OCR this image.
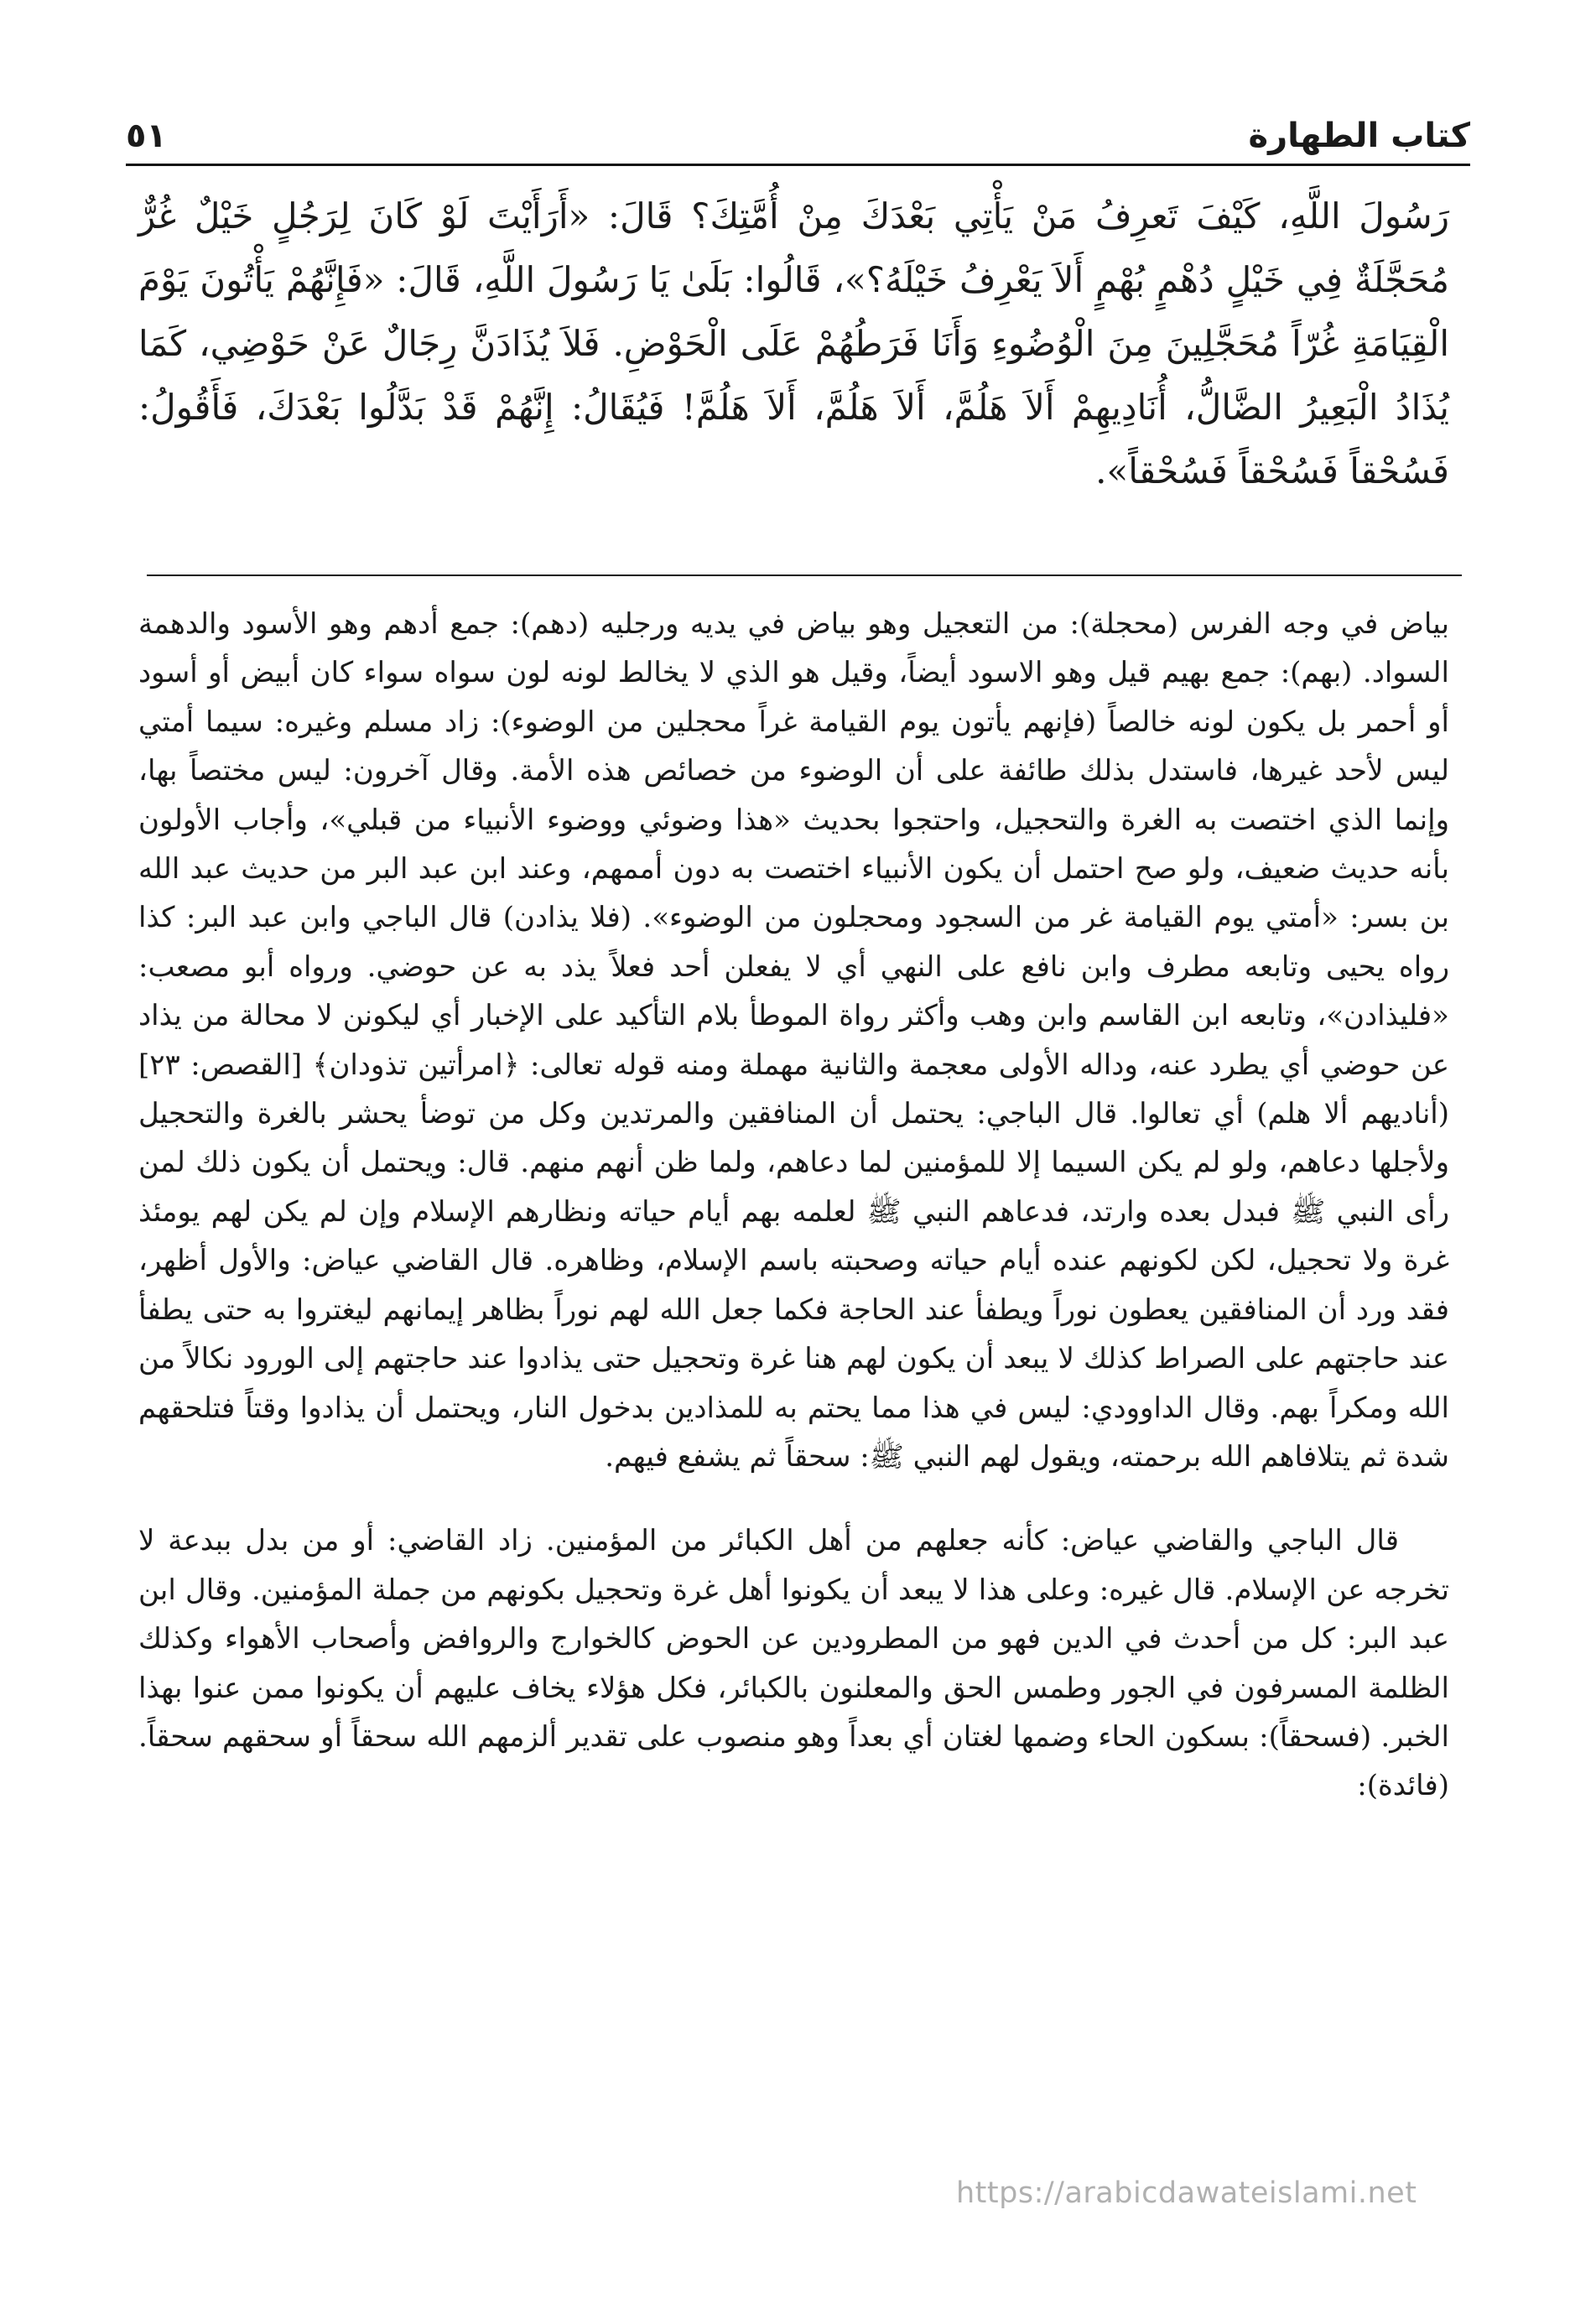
كتاب الطهارة
٥١

رَسُولَ اللَّهِ، كَيْفَ تَعرِفُ مَنْ يَأْتِي بَعْدَكَ مِنْ أُمَّتِكَ؟ قَالَ: «أَرَأَيْتَ لَوْ كَانَ لِرَجُلٍ خَيْلٌ غُرٌّ مُحَجَّلَةٌ فِي خَيْلٍ دُهْمٍ بُهْمٍ أَلاَ يَعْرِفُ خَيْلَهُ؟»، قَالُوا: بَلَىٰ يَا رَسُولَ اللَّهِ، قَالَ: «فَإِنَّهُمْ يَأْتُونَ يَوْمَ الْقِيَامَةِ غُرّاً مُحَجَّلِينَ مِنَ الْوُضُوءِ وَأَنَا فَرَطُهُمْ عَلَى الْحَوْضِ. فَلاَ يُذَادَنَّ رِجَالٌ عَنْ حَوْضِي، كَمَا يُذَادُ الْبَعِيرُ الضَّالُّ، أُنَادِيهِمْ أَلاَ هَلُمَّ، أَلاَ هَلُمَّ، أَلاَ هَلُمَّ! فَيُقَالُ: إِنَّهُمْ قَدْ بَدَّلُوا بَعْدَكَ، فَأَقُولُ: فَسُحْقاً فَسُحْقاً فَسُحْقاً».

بياض في وجه الفرس (محجلة): من التعجيل وهو بياض في يديه ورجليه (دهم): جمع أدهم وهو الأسود والدهمة السواد. (بهم): جمع بهيم قيل وهو الاسود أيضاً، وقيل هو الذي لا يخالط لونه لون سواه سواء كان أبيض أو أسود أو أحمر بل يكون لونه خالصاً (فإنهم يأتون يوم القيامة غراً محجلين من الوضوء): زاد مسلم وغيره: سيما أمتي ليس لأحد غيرها، فاستدل بذلك طائفة على أن الوضوء من خصائص هذه الأمة. وقال آخرون: ليس مختصاً بها، وإنما الذي اختصت به الغرة والتحجيل، واحتجوا بحديث «هذا وضوئي ووضوء الأنبياء من قبلي»، وأجاب الأولون بأنه حديث ضعيف، ولو صح احتمل أن يكون الأنبياء اختصت به دون أممهم، وعند ابن عبد البر من حديث عبد الله بن بسر: «أمتي يوم القيامة غر من السجود ومحجلون من الوضوء». (فلا يذادن) قال الباجي وابن عبد البر: كذا رواه يحيى وتابعه مطرف وابن نافع على النهي أي لا يفعلن أحد فعلاً يذد به عن حوضي. ورواه أبو مصعب: «فليذادن»، وتابعه ابن القاسم وابن وهب وأكثر رواة الموطأ بلام التأكيد على الإخبار أي ليكونن لا محالة من يذاد عن حوضي أي يطرد عنه، وداله الأولى معجمة والثانية مهملة ومنه قوله تعالى: ﴿امرأتين تذودان﴾ [القصص: ٢٣] (أناديهم ألا هلم) أي تعالوا. قال الباجي: يحتمل أن المنافقين والمرتدين وكل من توضأ يحشر بالغرة والتحجيل ولأجلها دعاهم، ولو لم يكن السيما إلا للمؤمنين لما دعاهم، ولما ظن أنهم منهم. قال: ويحتمل أن يكون ذلك لمن رأى النبي ﷺ فبدل بعده وارتد، فدعاهم النبي ﷺ لعلمه بهم أيام حياته ونظارهم الإسلام وإن لم يكن لهم يومئذ غرة ولا تحجيل، لكن لكونهم عنده أيام حياته وصحبته باسم الإسلام، وظاهره. قال القاضي عياض: والأول أظهر، فقد ورد أن المنافقين يعطون نوراً ويطفأ عند الحاجة فكما جعل الله لهم نوراً بظاهر إيمانهم ليغتروا به حتى يطفأ عند حاجتهم على الصراط كذلك لا يبعد أن يكون لهم هنا غرة وتحجيل حتى يذادوا عند حاجتهم إلى الورود نكالاً من الله ومكراً بهم. وقال الداوودي: ليس في هذا مما يحتم به للمذادين بدخول النار، ويحتمل أن يذادوا وقتاً فتلحقهم شدة ثم يتلافاهم الله برحمته، ويقول لهم النبي ﷺ: سحقاً ثم يشفع فيهم.

قال الباجي والقاضي عياض: كأنه جعلهم من أهل الكبائر من المؤمنين. زاد القاضي: أو من بدل ببدعة لا تخرجه عن الإسلام. قال غيره: وعلى هذا لا يبعد أن يكونوا أهل غرة وتحجيل بكونهم من جملة المؤمنين. وقال ابن عبد البر: كل من أحدث في الدين فهو من المطرودين عن الحوض كالخوارج والروافض وأصحاب الأهواء وكذلك الظلمة المسرفون في الجور وطمس الحق والمعلنون بالكبائر، فكل هؤلاء يخاف عليهم أن يكونوا ممن عنوا بهذا الخبر. (فسحقاً): بسكون الحاء وضمها لغتان أي بعداً وهو منصوب على تقدير ألزمهم الله سحقاً أو سحقهم سحقاً. (فائدة):

https://arabicdawateislami.net
